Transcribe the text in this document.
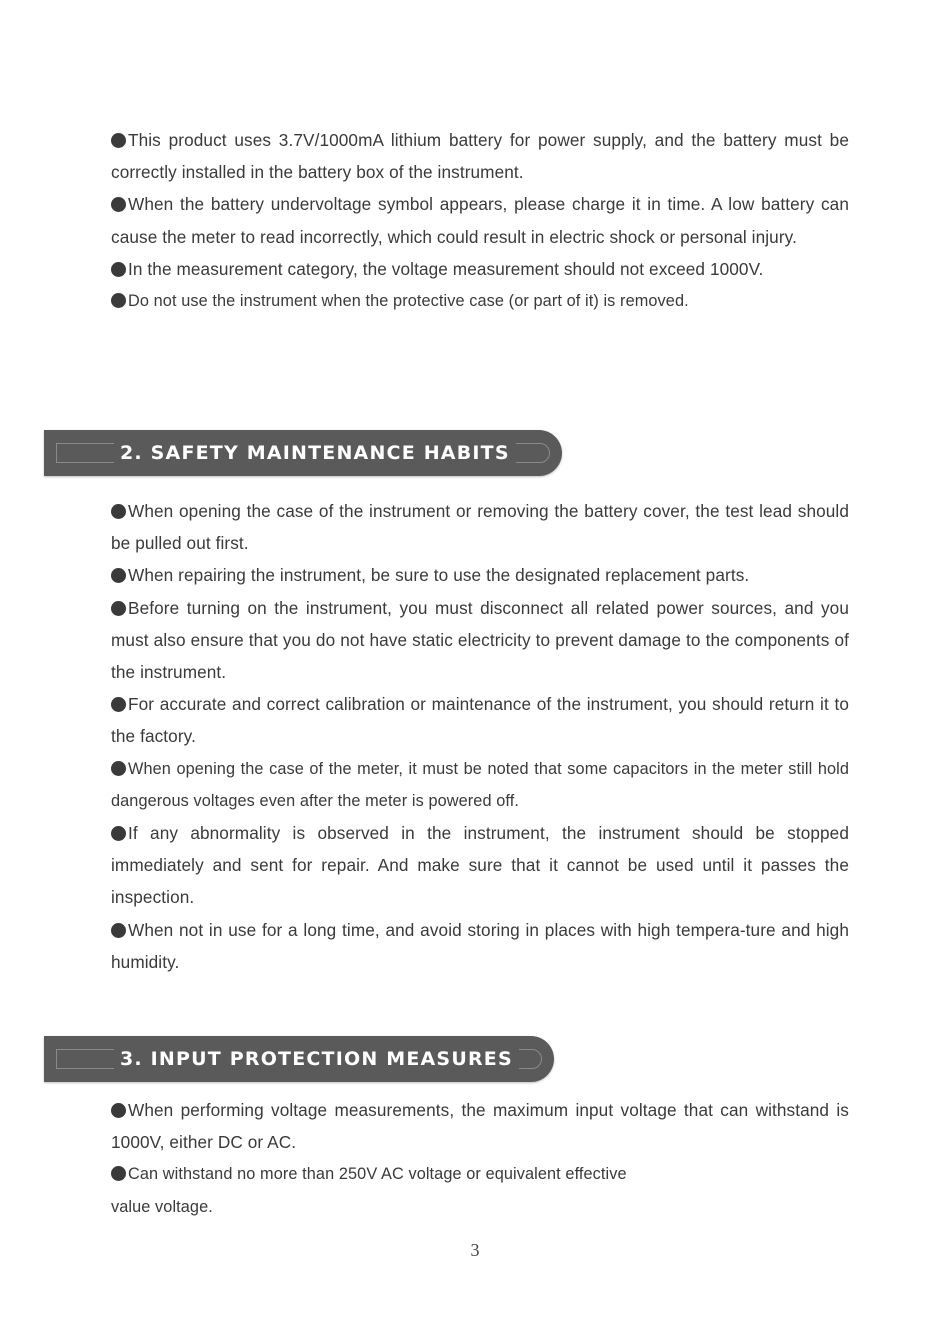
This product uses 3.7V/1000mA lithium battery for power supply, and the battery must be correctly installed in the battery box of the instrument.

When the battery undervoltage symbol appears, please charge it in time. A low battery can cause the meter to read incorrectly, which could result in electric shock or personal injury.

In the measurement category, the voltage measurement should not exceed 1000V.

Do not use the instrument when the protective case (or part of it) is removed.

2. SAFETY MAINTENANCE HABITS

When opening the case of the instrument or removing the battery cover, the test lead should be pulled out first.

When repairing the instrument, be sure to use the designated replacement parts.

Before turning on the instrument, you must disconnect all related power sources, and you must also ensure that you do not have static electricity to prevent damage to the components of the instrument.

For accurate and correct calibration or maintenance of the instrument, you should return it to the factory.

When opening the case of the meter, it must be noted that some capacitors in the meter still hold dangerous voltages even after the meter is powered off.

If any abnormality is observed in the instrument, the instrument should be stopped immediately and sent for repair. And make sure that it cannot be used until it passes the inspection.

When not in use for a long time, and avoid storing in places with high tempera-ture and high humidity.

3. INPUT PROTECTION MEASURES

When performing voltage measurements, the maximum input voltage that can withstand is 1000V, either DC or AC.

Can withstand no more than 250V AC voltage or equivalent effective

value voltage.

3
